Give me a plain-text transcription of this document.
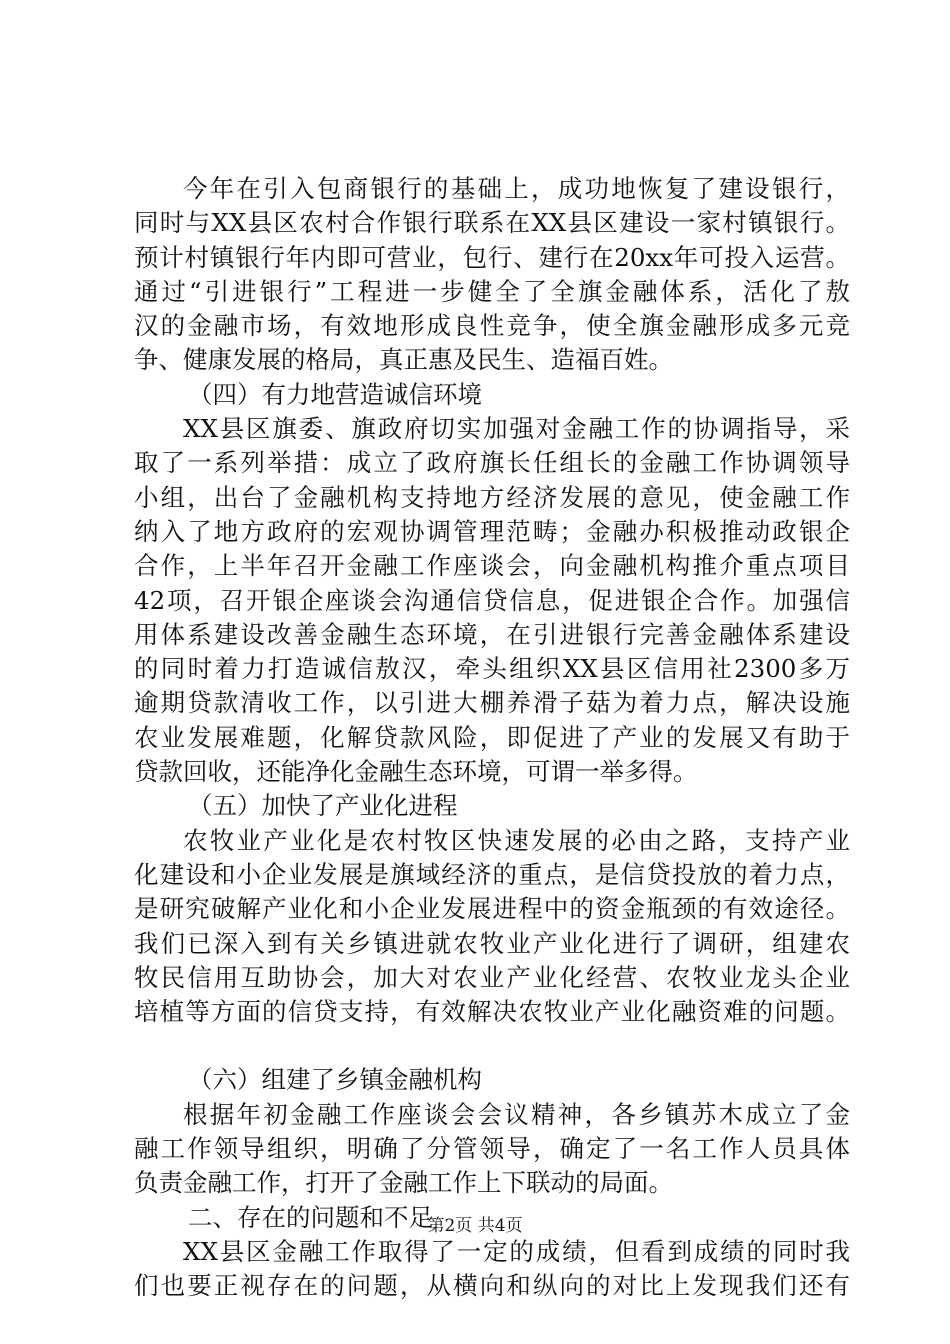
今年在引入包商银行的基础上，成功地恢复了建设银行，
同时与XX县区农村合作银行联系在XX县区建设一家村镇银行。
预计村镇银行年内即可营业，包行、建行在20xx年可投入运营。
通过“引进银行”工程进一步健全了全旗金融体系，活化了敖
汉的金融市场，有效地形成良性竞争，使全旗金融形成多元竞
争、健康发展的格局，真正惠及民生、造福百姓。
（四）有力地营造诚信环境
XX县区旗委、旗政府切实加强对金融工作的协调指导，采
取了一系列举措：成立了政府旗长任组长的金融工作协调领导
小组，出台了金融机构支持地方经济发展的意见，使金融工作
纳入了地方政府的宏观协调管理范畴；金融办积极推动政银企
合作，上半年召开金融工作座谈会，向金融机构推介重点项目
42项，召开银企座谈会沟通信贷信息，促进银企合作。加强信
用体系建设改善金融生态环境，在引进银行完善金融体系建设
的同时着力打造诚信敖汉，牵头组织XX县区信用社2300多万
逾期贷款清收工作，以引进大棚养滑子菇为着力点，解决设施
农业发展难题，化解贷款风险，即促进了产业的发展又有助于
贷款回收，还能净化金融生态环境，可谓一举多得。
（五）加快了产业化进程
农牧业产业化是农村牧区快速发展的必由之路，支持产业
化建设和小企业发展是旗域经济的重点，是信贷投放的着力点，
是研究破解产业化和小企业发展进程中的资金瓶颈的有效途径。
我们已深入到有关乡镇进就农牧业产业化进行了调研，组建农
牧民信用互助协会，加大对农业产业化经营、农牧业龙头企业
培植等方面的信贷支持，有效解决农牧业产业化融资难的问题。
（六）组建了乡镇金融机构
根据年初金融工作座谈会会议精神，各乡镇苏木成立了金
融工作领导组织，明确了分管领导，确定了一名工作人员具体
负责金融工作，打开了金融工作上下联动的局面。
二、存在的问题和不足
XX县区金融工作取得了一定的成绩，但看到成绩的同时我
们也要正视存在的问题，从横向和纵向的对比上发现我们还有
第2页 共4页
